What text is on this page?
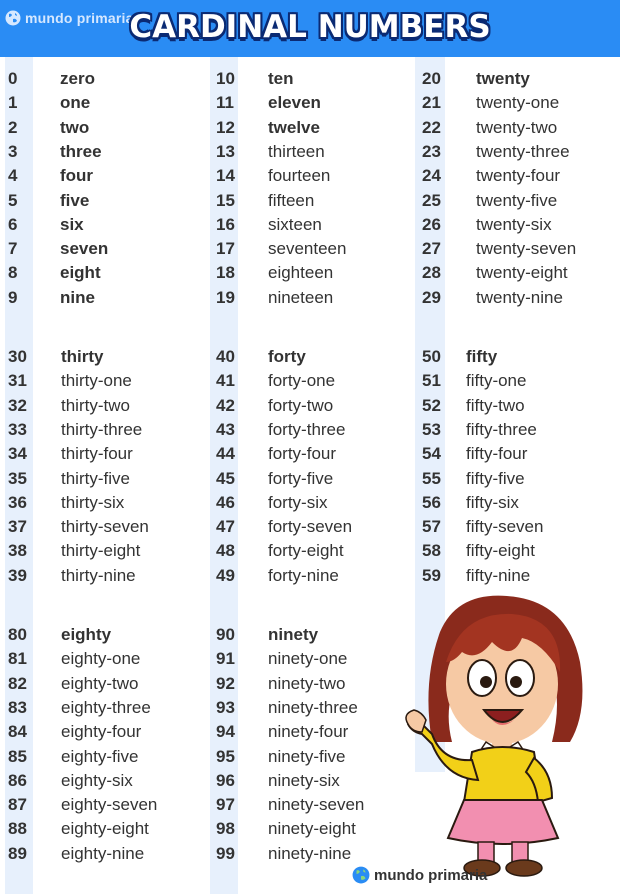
mundo primaria
CARDINAL NUMBERS
0	zero
1	one
2	two
3	three
4	four
5	five
6	six
7	seven
8	eight
9	nine
10 ten
11 eleven
12 twelve
13 thirteen
14 fourteen
15 fifteen
16 sixteen
17 seventeen
18 eighteen
19 nineteen
20 twenty
21 twenty-one
22 twenty-two
23 twenty-three
24 twenty-four
25 twenty-five
26 twenty-six
27 twenty-seven
28 twenty-eight
29 twenty-nine
30 thirty
31 thirty-one
32 thirty-two
33 thirty-three
34 thirty-four
35 thirty-five
36 thirty-six
37 thirty-seven
38 thirty-eight
39 thirty-nine
40 forty
41 forty-one
42 forty-two
43 forty-three
44 forty-four
45 forty-five
46 forty-six
47 forty-seven
48 forty-eight
49 forty-nine
50 fifty
51 fifty-one
52 fifty-two
53 fifty-three
54 fifty-four
55 fifty-five
56 fifty-six
57 fifty-seven
58 fifty-eight
59 fifty-nine
80 eighty
81 eighty-one
82 eighty-two
83 eighty-three
84 eighty-four
85 eighty-five
86 eighty-six
87 eighty-seven
88 eighty-eight
89 eighty-nine
90 ninety
91 ninety-one
92 ninety-two
93 ninety-three
94 ninety-four
95 ninety-five
96 ninety-six
97 ninety-seven
98 ninety-eight
99 ninety-nine
mundo primaria
